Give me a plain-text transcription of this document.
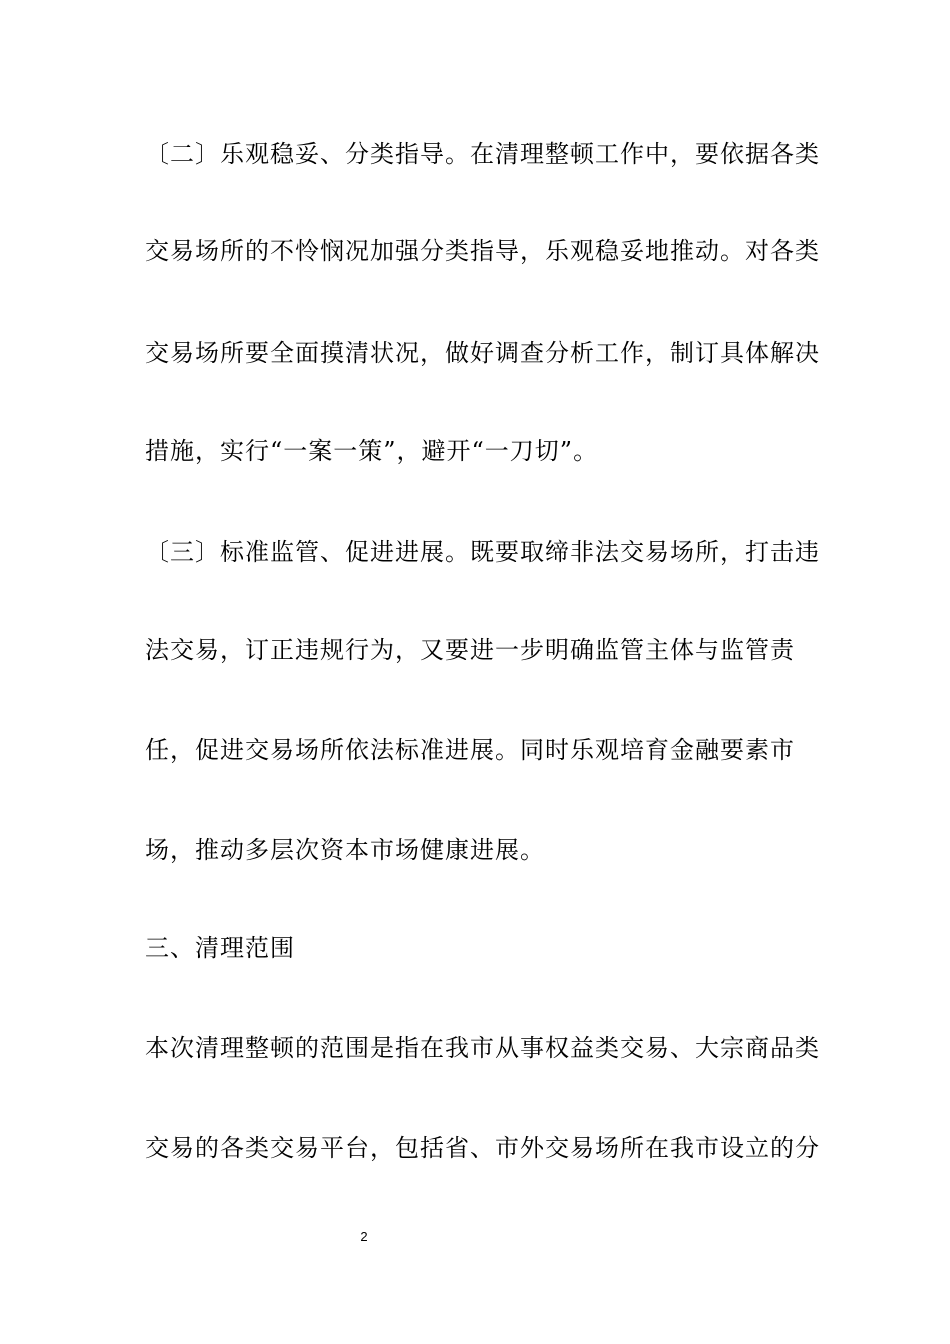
〔二〕乐观稳妥、分类指导。在清理整顿工作中，要依据各类
交易场所的不怜悯况加强分类指导，乐观稳妥地推动。对各类
交易场所要全面摸清状况，做好调查分析工作，制订具体解决
措施，实行“一案一策”，避开“一刀切”。
〔三〕标准监管、促进进展。既要取缔非法交易场所，打击违
法交易，订正违规行为，又要进一步明确监管主体与监管责
任，促进交易场所依法标准进展。同时乐观培育金融要素市
场，推动多层次资本市场健康进展。
三、清理范围
本次清理整顿的范围是指在我市从事权益类交易、大宗商品类
交易的各类交易平台，包括省、市外交易场所在我市设立的分
2
